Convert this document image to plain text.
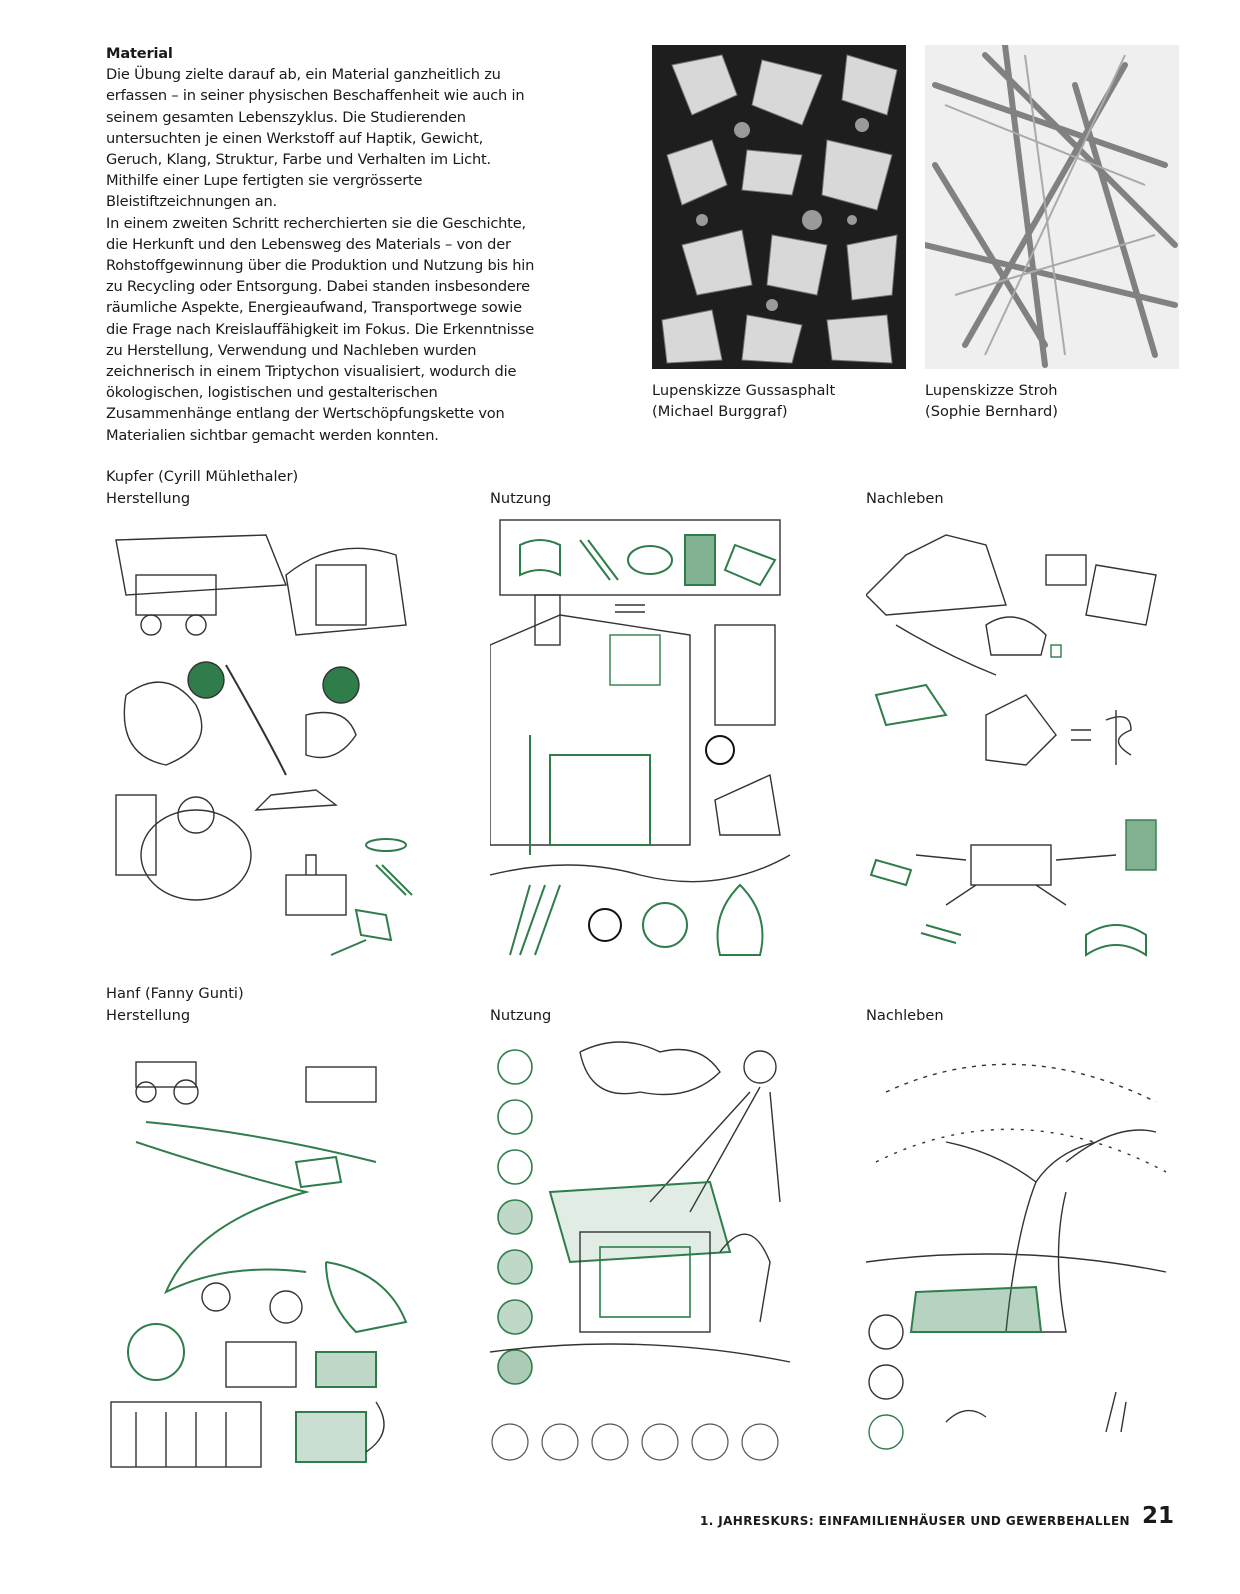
Material

Die Übung zielte darauf ab, ein Material ganzheitlich zu erfassen – in seiner physischen Beschaffenheit wie auch in seinem gesamten Lebenszyklus. Die Studierenden untersuchten je einen Werkstoff auf Haptik, Gewicht, Geruch, Klang, Struktur, Farbe und Verhalten im Licht. Mithilfe einer Lupe fertigten sie vergrösserte Bleistiftzeichnungen an.

In einem zweiten Schritt recherchierten sie die Geschichte, die Herkunft und den Lebensweg des Materials – von der Rohstoffgewinnung über die Produktion und Nutzung bis hin zu Recycling oder Entsorgung. Dabei standen insbesondere räumliche Aspekte, Energieaufwand, Transportwege sowie die Frage nach Kreislauffähigkeit im Fokus. Die Erkenntnisse zu Herstellung, Verwendung und Nachleben wurden zeichnerisch in einem Triptychon visualisiert, wodurch die ökologischen, logistischen und gestalterischen Zusammenhänge entlang der Wertschöpfungskette von Materialien sichtbar gemacht werden konnten.

Lupenskizze Gussasphalt
(Michael Burggraf)
Lupenskizze Stroh
(Sophie Bernhard)
Kupfer (Cyrill Mühlethaler)
Herstellung	Nutzung	Nachleben
Hanf (Fanny Gunti)
Herstellung	Nutzung	Nachleben
1. JAHRESKURS: EINFAMILIENHÄUSER UND GEWERBEHALLEN 21
